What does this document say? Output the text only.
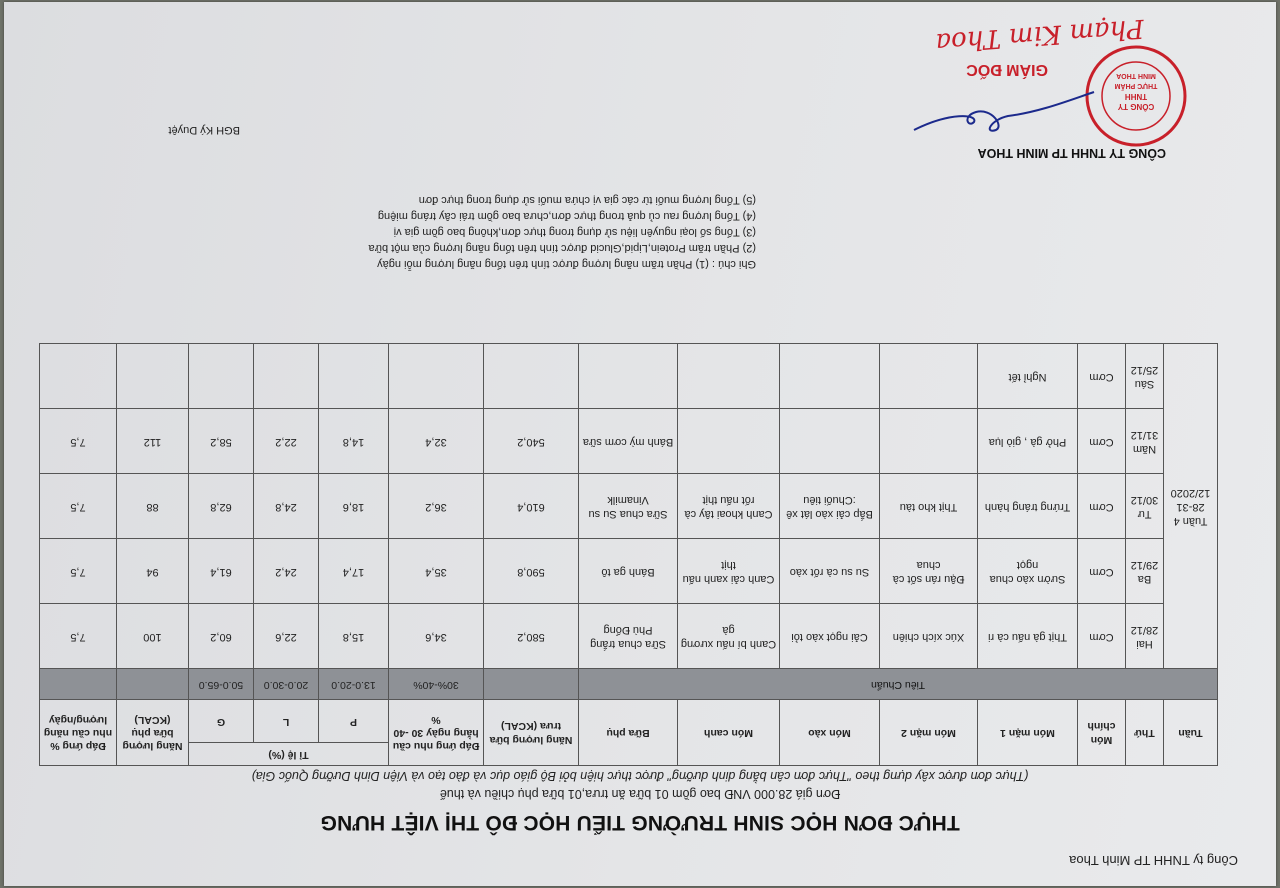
Công ty TNHH TP Minh Thoa
THỰC ĐƠN HỌC SINH TRƯỜNG TIỂU HỌC ĐÔ THỊ VIỆT HƯNG
Đơn giá 28.000 VNĐ bao gồm 01 bữa ăn trưa,01 bữa phụ chiều và thuế
(Thực đơn được xây dựng theo "Thực đơn cân bằng dinh dưỡng" được thực hiện bởi Bộ giáo dục và đào tạo và Viện Dinh Dưỡng Quốc Gia)
Tuần	Thứ	Món chính	Món mặn 1	Món mặn 2	Món xào	Món canh	Bữa phụ	Năng lượng bữa trưa (KCAL)	Đáp ứng nhu cầu hằng ngày 30 -40 %	Tỉ lệ (%)			Năng lượng bữa phụ (KCAL)	Đáp ứng % nhu cầu năng lượng/ngày
										P	L	G		
Tiêu Chuẩn									30%-40%	13.0-20.0	20.0-30.0	50.0-65.0		
Tuần 4 28-31 12/2020	Hai 28/12	Cơm	Thịt gà nấu cà ri	Xúc xích chiên	Cải ngọt xào tỏi	Canh bí nấu xương gà	Sữa chua trắng Phù Đổng	580,2	34,6	15,8	22,6	60,2	100	7,5
	Ba 29/12	Cơm	Sườn xào chua ngọt	Đậu rán sốt cà chua	Su su cà rốt xào	Canh cải xanh nấu thịt	Bánh ga tô	590,8	35,4	17,4	24,2	61,4	94	7,5
	Tư 30/12	Cơm	Trứng tráng hành	Thịt kho tàu	Bắp cải xào lát xê :Chuối tiêu	Canh khoai tây cà rốt nấu thịt	Sữa chua Su su Vinamilk	610,4	36,2	18,6	24,8	62,8	88	7,5
	Năm 31/12	Cơm	Phở gà , giò lụa				Bánh mỳ cơm sữa	540,2	32,4	14,8	22,2	58,2	112	7,5
	Sáu 25/12	Cơm	Nghỉ tết											
Ghi chú : (1) Phần trăm năng lượng được tính trên tổng năng lượng mỗi ngày
(2) Phần trăm Protein,Lipid,Glucid được tính trên tổng năng lượng của một bữa
(3) Tổng số loại nguyên liệu sử dụng trong thực đơn,không bao gồm gia vị
(4) Tổng lượng rau củ quả trong thực đơn,chưa bao gồm trái cây tráng miệng
(5) Tổng lượng muối từ các gia vị chứa muối sử dụng trong thực đơn
BGH Ký Duyệt
CÔNG TY
TNHH
THỰC PHẨM
MINH THOA
CÔNG TY TNHH TP MINH THOA
GIÁM ĐỐC
Phạm Kim Thoa
